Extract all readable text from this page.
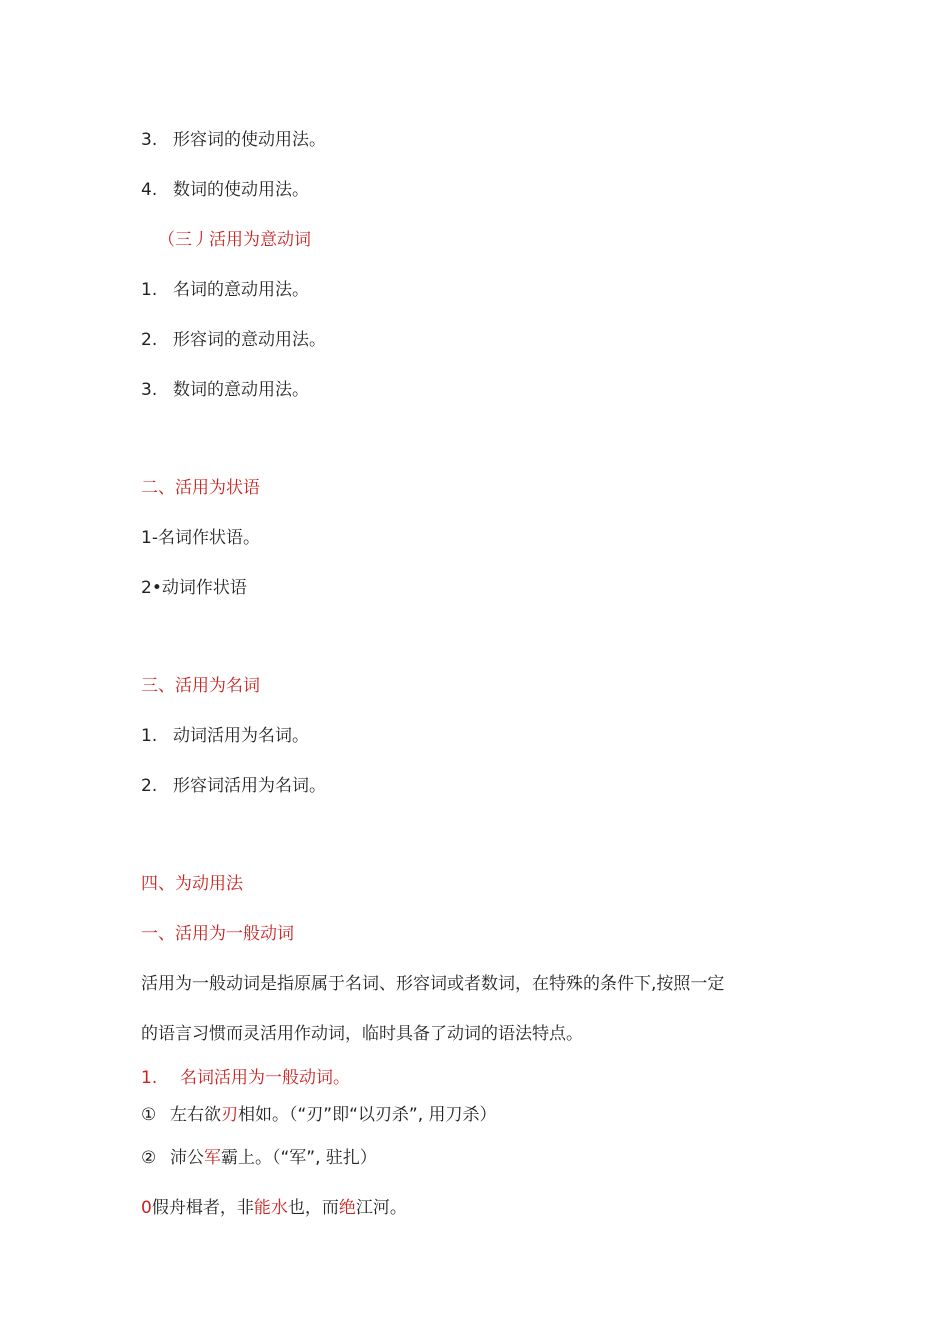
3. 形容词的使动用法。
4. 数词的使动用法。
（三丿活用为意动词
1. 名词的意动用法。
2. 形容词的意动用法。
3. 数词的意动用法。
二、活用为状语
1-名词作状语。
2•动词作状语
三、活用为名词
1. 动词活用为名词。
2. 形容词活用为名词。
四、为动用法
一、活用为一般动词
活用为一般动词是指原属于名词、形容词或者数词，在特殊的条件下,按照一定
的语言习惯而灵活用作动词，临时具备了动词的语法特点。
1. 名词活用为一般动词。
① 左右欲刃相如。（“刃”即“以刃杀”, 用刀杀）
② 沛公军霸上。（“军”, 驻扎）
0假舟楫者，非能水也，而绝江河。
